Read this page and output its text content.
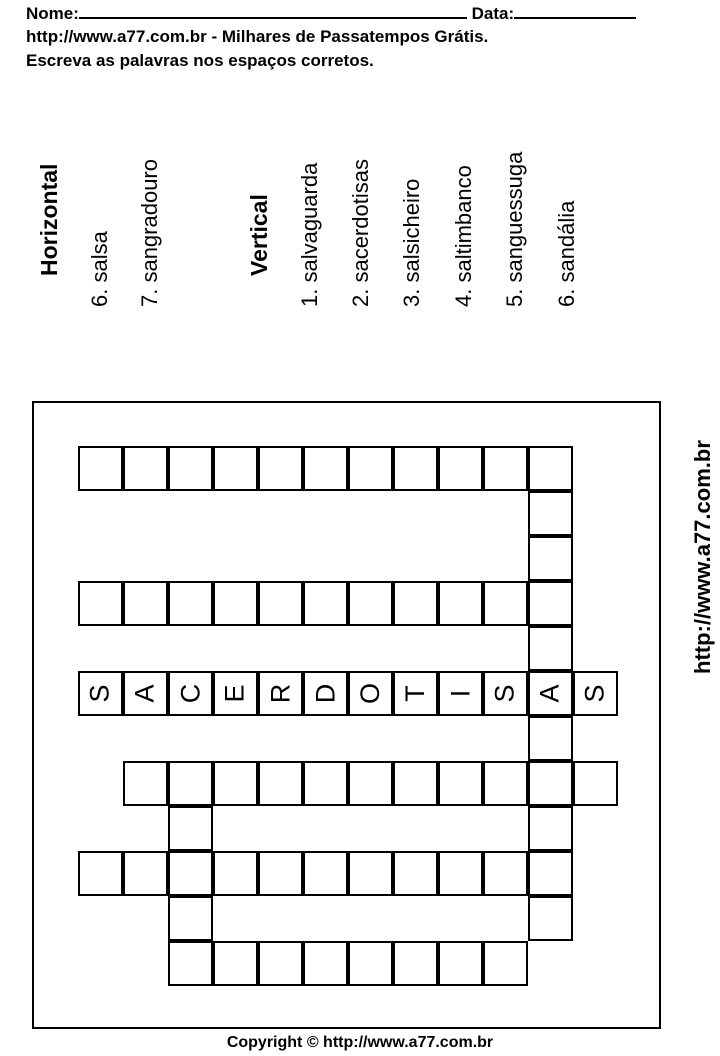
Nome:	Data:
http://www.a77.com.br - Milhares de Passatempos Grátis.
Escreva as palavras nos espaços corretos.
Horizontal 6. salsa 7. sangradouro	Vertical 1. salvaguarda 2. sacerdotisas 3. salsicheiro 4. saltimbanco 5. sanguessuga 6. sandália
S A C E R D O T I S A S
http://www.a77.com.br
Copyright © http://www.a77.com.br
